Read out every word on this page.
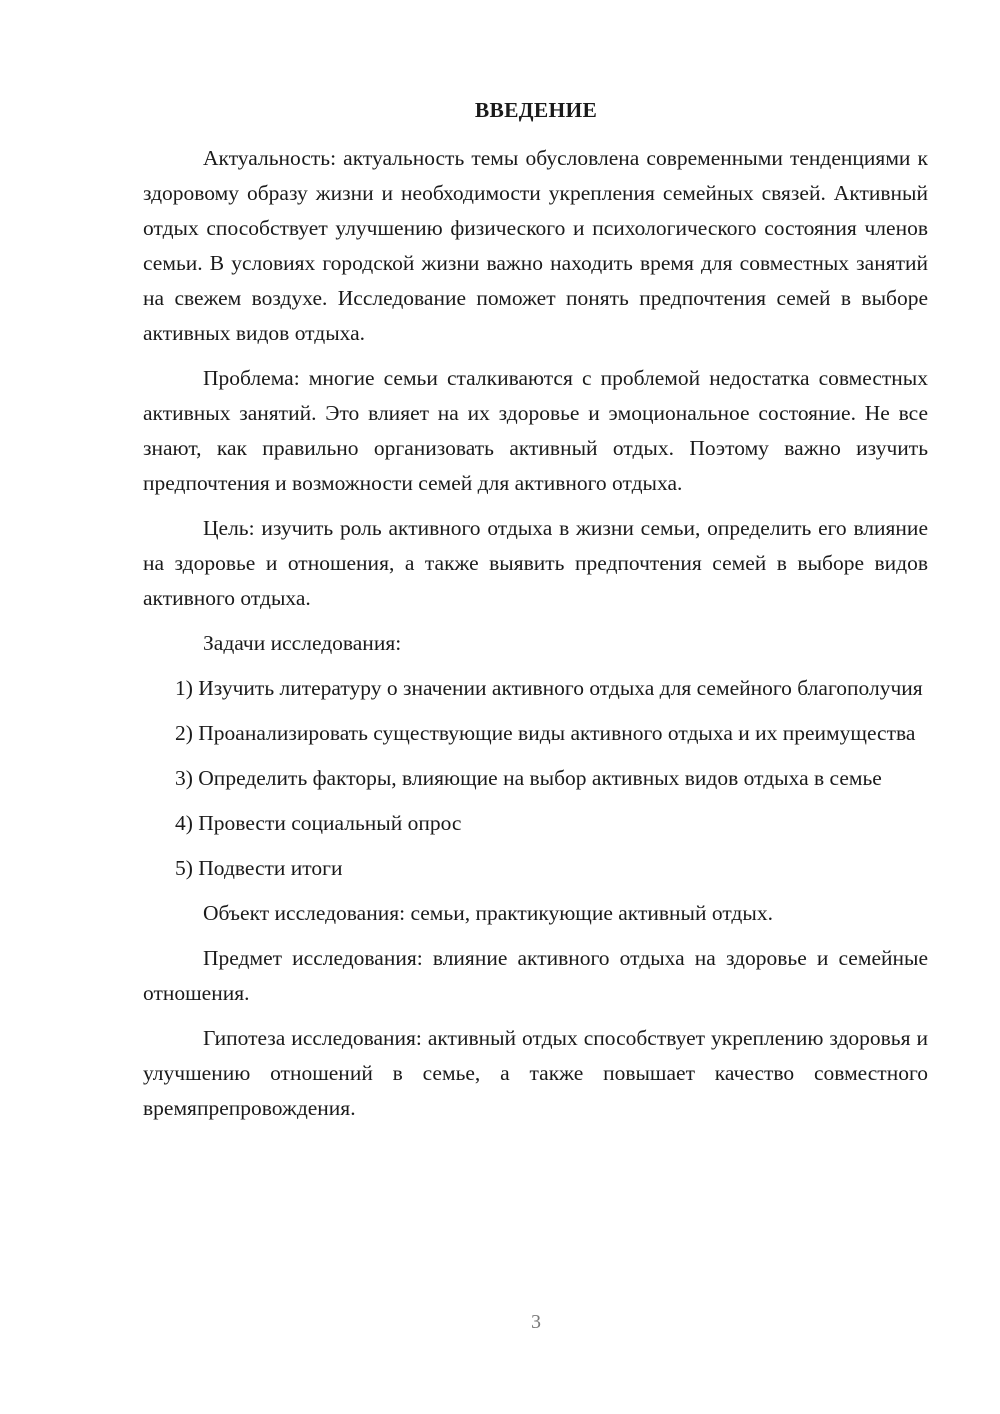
ВВЕДЕНИЕ

Актуальность: актуальность темы обусловлена современными тенденциями к здоровому образу жизни и необходимости укрепления семейных связей. Активный отдых способствует улучшению физического и психологического состояния членов семьи. В условиях городской жизни важно находить время для совместных занятий на свежем воздухе. Исследование поможет понять предпочтения семей в выборе активных видов отдыха.

Проблема: многие семьи сталкиваются с проблемой недостатка совместных активных занятий. Это влияет на их здоровье и эмоциональное состояние. Не все знают, как правильно организовать активный отдых. Поэтому важно изучить предпочтения и возможности семей для активного отдыха.

Цель: изучить роль активного отдыха в жизни семьи, определить его влияние на здоровье и отношения, а также выявить предпочтения семей в выборе видов активного отдыха.

Задачи исследования:

1) Изучить литературу о значении активного отдыха для семейного благополучия

2) Проанализировать существующие виды активного отдыха и их преимущества

3) Определить факторы, влияющие на выбор активных видов отдыха в семье

4) Провести социальный опрос

5) Подвести итоги

Объект исследования: семьи, практикующие активный отдых.

Предмет исследования: влияние активного отдыха на здоровье и семейные отношения.

Гипотеза исследования: активный отдых способствует укреплению здоровья и улучшению отношений в семье, а также повышает качество совместного времяпрепровождения.

3
